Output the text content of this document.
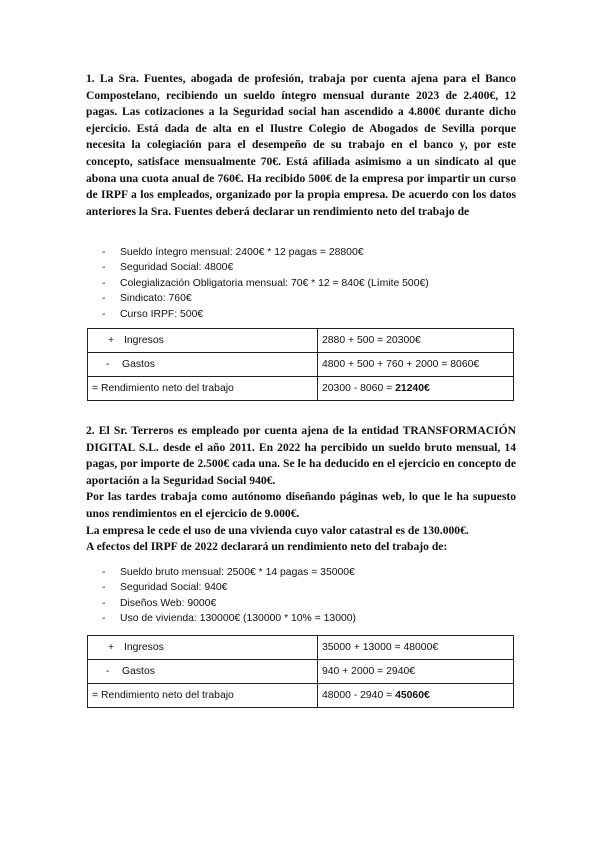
1. La Sra. Fuentes, abogada de profesión, trabaja por cuenta ajena para el Banco Compostelano, recibiendo un sueldo íntegro mensual durante 2023 de 2.400€, 12 pagas. Las cotizaciones a la Seguridad social han ascendido a 4.800€ durante dicho ejercicio. Está dada de alta en el Ilustre Colegio de Abogados de Sevilla porque necesita la colegiación para el desempeño de su trabajo en el banco y, por este concepto, satisface mensualmente 70€. Está afiliada asimismo a un sindicato al que abona una cuota anual de 760€. Ha recibido 500€ de la empresa por impartir un curso de IRPF a los empleados, organizado por la propia empresa. De acuerdo con los datos anteriores la Sra. Fuentes deberá declarar un rendimiento neto del trabajo de

- Sueldo íntegro mensual: 2400€ * 12 pagas = 28800€
- Seguridad Social: 4800€
- Colegialización Obligatoria mensual: 70€ * 12 = 840€ (Límite 500€)
- Sindicato: 760€
- Curso IRPF: 500€
+ Ingresos	2880 + 500 = 20300€
- Gastos	4800 + 500 + 760 + 2000 = 8060€
= Rendimiento neto del trabajo	20300 - 8060 = 21240€

2. El Sr. Terreros es empleado por cuenta ajena de la entidad TRANSFORMACIÓN DIGITAL S.L. desde el año 2011. En 2022 ha percibido un sueldo bruto mensual, 14 pagas, por importe de 2.500€ cada una. Se le ha deducido en el ejercicio en concepto de aportación a la Seguridad Social 940€.

Por las tardes trabaja como autónomo diseñando páginas web, lo que le ha supuesto unos rendimientos en el ejercicio de 9.000€.

La empresa le cede el uso de una vivienda cuyo valor catastral es de 130.000€.

A efectos del IRPF de 2022 declarará un rendimiento neto del trabajo de:

- Sueldo bruto mensual: 2500€ * 14 pagas = 35000€
- Seguridad Social: 940€
- Diseños Web: 9000€
- Uso de vivienda: 130000€ (130000 * 10% = 13000)
+ Ingresos	35000 + 13000 = 48000€
- Gastos	940 + 2000 = 2940€
= Rendimiento neto del trabajo	48000 - 2940 = 45060€
